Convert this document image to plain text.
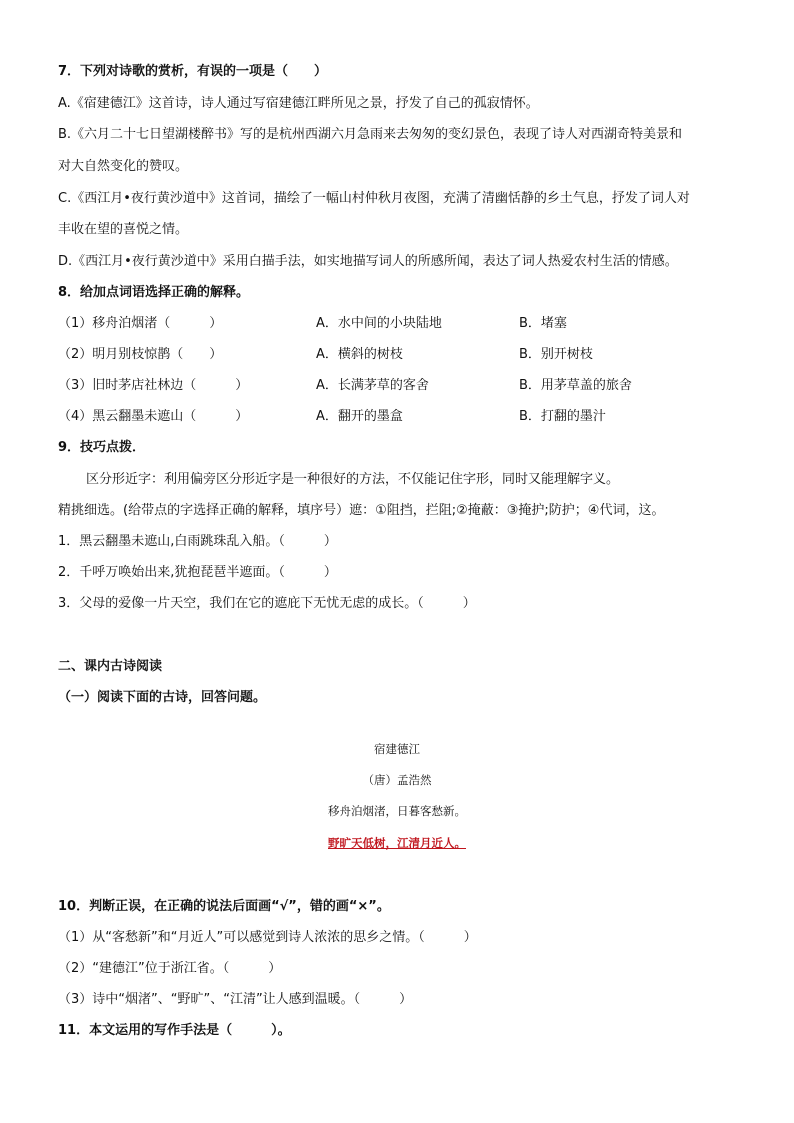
7．下列对诗歌的赏析，有误的一项是（　　）
A.《宿建德江》这首诗，诗人通过写宿建德江畔所见之景，抒发了自己的孤寂情怀。
B.《六月二十七日望湖楼醉书》写的是杭州西湖六月急雨来去匆匆的变幻景色，表现了诗人对西湖奇特美景和
对大自然变化的赞叹。
C.《西江月•夜行黄沙道中》这首词，描绘了一幅山村仲秋月夜图，充满了清幽恬静的乡土气息，抒发了词人对
丰收在望的喜悦之情。
D.《西江月•夜行黄沙道中》采用白描手法，如实地描写词人的所感所闻，表达了词人热爱农村生活的情感。
8．给加点词语选择正确的解释。
（1）移舟泊烟渚（　　　）	A．水中间的小块陆地	B．堵塞
（2）明月别枝惊鹊（　　）	A．横斜的树枝	B．别开树枝
（3）旧时茅店社林边（　　　）	A．长满茅草的客舍	B．用茅草盖的旅舍
（4）黑云翻墨未遮山（　　　）	A．翻开的墨盒	B．打翻的墨汁
9．技巧点拨．
区分形近字：利用偏旁区分形近字是一种很好的方法，不仅能记住字形，同时又能理解字义。
精挑细选。(给带点的字选择正确的解释，填序号）遮：①阻挡，拦阻;②掩蔽：③掩护;防护；④代词，这。
1．黑云翻墨未遮山,白雨跳珠乱入船。（　　　）
2．千呼万唤始出来,犹抱琵琶半遮面。（　　　）
3．父母的爱像一片天空，我们在它的遮庇下无忧无虑的成长。（　　　）
二、课内古诗阅读
（一）阅读下面的古诗，回答问题。
宿建德江
（唐）孟浩然
移舟泊烟渚，日暮客愁新。
野旷天低树，江清月近人。
10．判断正误，在正确的说法后面画“√”，错的画“×”。
（1）从“客愁新”和“月近人”可以感觉到诗人浓浓的思乡之情。（　　　）
（2）“建德江”位于浙江省。（　　　）
（3）诗中“烟渚”、“野旷”、“江清”让人感到温暖。（　　　）
11．本文运用的写作手法是（　　　）。
